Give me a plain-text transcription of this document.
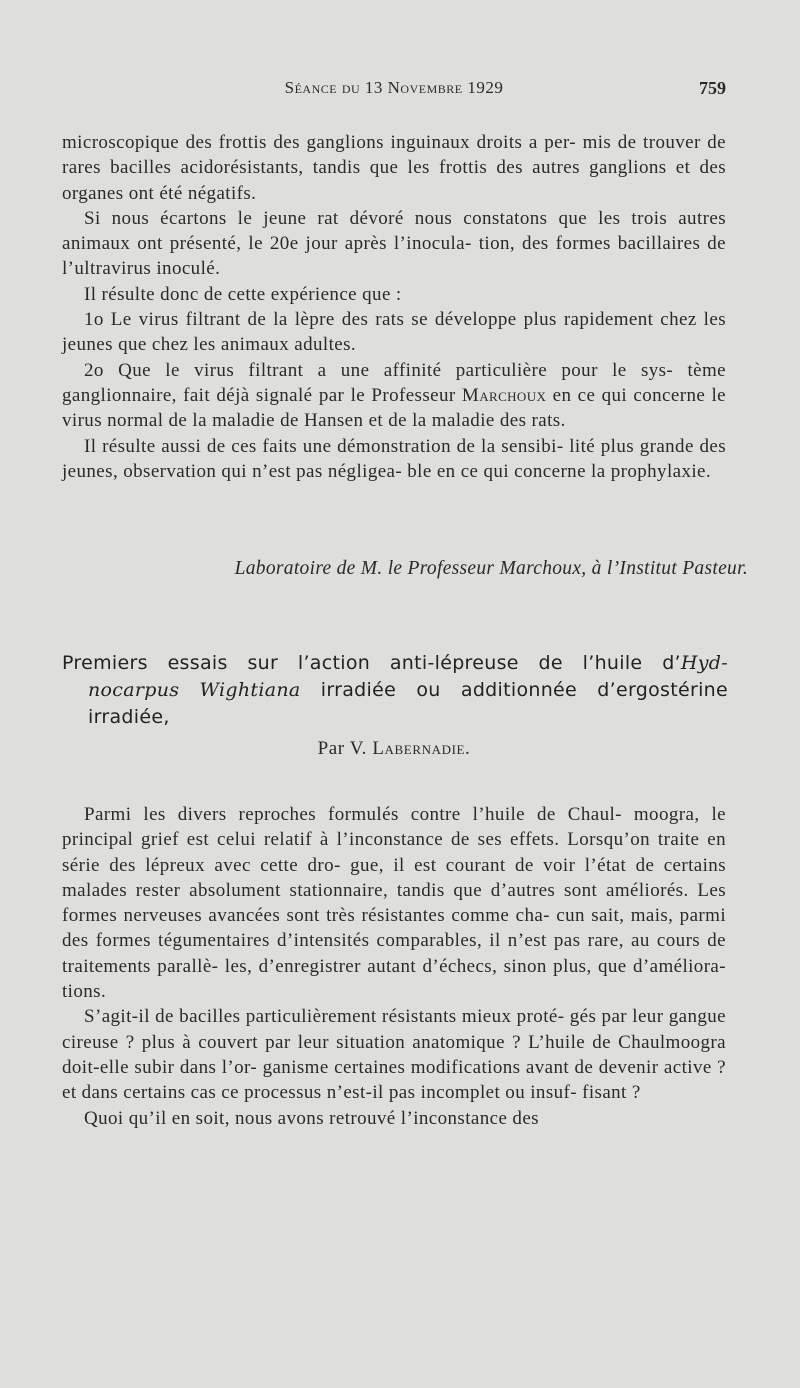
Séance du 13 Novembre 1929	759

microscopique des frottis des ganglions inguinaux droits a per- mis de trouver de rares bacilles acidorésistants, tandis que les frottis des autres ganglions et des organes ont été négatifs.

Si nous écartons le jeune rat dévoré nous constatons que les trois autres animaux ont présenté, le 20e jour après l’inocula- tion, des formes bacillaires de l’ultravirus inoculé.

Il résulte donc de cette expérience que :

1o Le virus filtrant de la lèpre des rats se développe plus rapidement chez les jeunes que chez les animaux adultes.

2o Que le virus filtrant a une affinité particulière pour le sys- tème ganglionnaire, fait déjà signalé par le Professeur Marchoux en ce qui concerne le virus normal de la maladie de Hansen et de la maladie des rats.

Il résulte aussi de ces faits une démonstration de la sensibi- lité plus grande des jeunes, observation qui n’est pas négligea- ble en ce qui concerne la prophylaxie.

Laboratoire de M. le Professeur Marchoux, à l’Institut Pasteur.
Premiers essais sur l’action anti-lépreuse de l’huile d’Hyd-
nocarpus Wightiana irradiée ou additionnée d’ergostérine
irradiée,
Par V. Labernadie.

Parmi les divers reproches formulés contre l’huile de Chaul- moogra, le principal grief est celui relatif à l’inconstance de ses effets. Lorsqu’on traite en série des lépreux avec cette dro- gue, il est courant de voir l’état de certains malades rester absolument stationnaire, tandis que d’autres sont améliorés. Les formes nerveuses avancées sont très résistantes comme cha- cun sait, mais, parmi des formes tégumentaires d’intensités comparables, il n’est pas rare, au cours de traitements parallè- les, d’enregistrer autant d’échecs, sinon plus, que d’améliora- tions.

S’agit-il de bacilles particulièrement résistants mieux proté- gés par leur gangue cireuse ? plus à couvert par leur situation anatomique ? L’huile de Chaulmoogra doit-elle subir dans l’or- ganisme certaines modifications avant de devenir active ? et dans certains cas ce processus n’est-il pas incomplet ou insuf- fisant ?

Quoi qu’il en soit, nous avons retrouvé l’inconstance des
